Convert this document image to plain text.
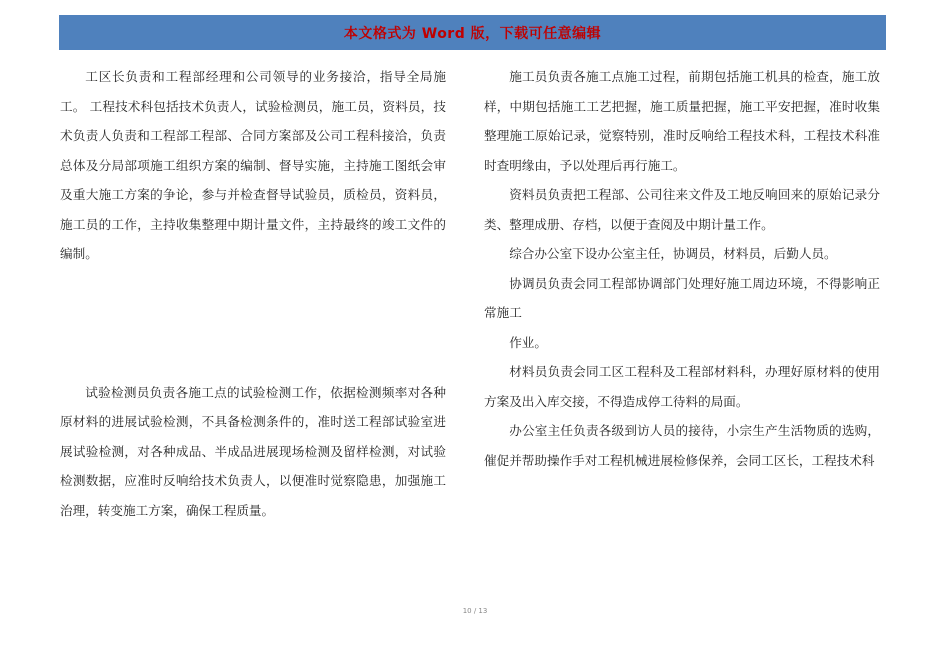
本文格式为 Word 版，下载可任意编辑

工区长负责和工程部经理和公司领导的业务接洽，指导全局施工。 工程技术科包括技术负责人，试验检测员，施工员，资料员，技术负责人负责和工程部工程部、合同方案部及公司工程科接洽，负责总体及分局部项施工组织方案的编制、督导实施，主持施工图纸会审及重大施工方案的争论，参与并检查督导试验员，质检员，资料员，施工员的工作，主持收集整理中期计量文件，主持最终的竣工文件的编制。

试验检测员负责各施工点的试验检测工作，依据检测频率对各种原材料的进展试验检测，不具备检测条件的，准时送工程部试验室进展试验检测，对各种成品、半成品进展现场检测及留样检测，对试验检测数据，应准时反响给技术负责人，以便准时觉察隐患，加强施工治理，转变施工方案，确保工程质量。

施工员负责各施工点施工过程，前期包括施工机具的检查，施工放样，中期包括施工工艺把握，施工质量把握，施工平安把握，准时收集整理施工原始记录，觉察特别，准时反响给工程技术科，工程技术科准时查明缘由，予以处理后再行施工。

资料员负责把工程部、公司往来文件及工地反响回来的原始记录分类、整理成册、存档，以便于查阅及中期计量工作。

综合办公室下设办公室主任，协调员，材料员，后勤人员。

协调员负责会同工程部协调部门处理好施工周边环境，不得影响正常施工

作业。

材料员负责会同工区工程科及工程部材料科，办理好原材料的使用方案及出入库交接，不得造成停工待料的局面。

办公室主任负责各级到访人员的接待，小宗生产生活物质的选购，催促并帮助操作手对工程机械进展检修保养，会同工区长，工程技术科

10 / 13
